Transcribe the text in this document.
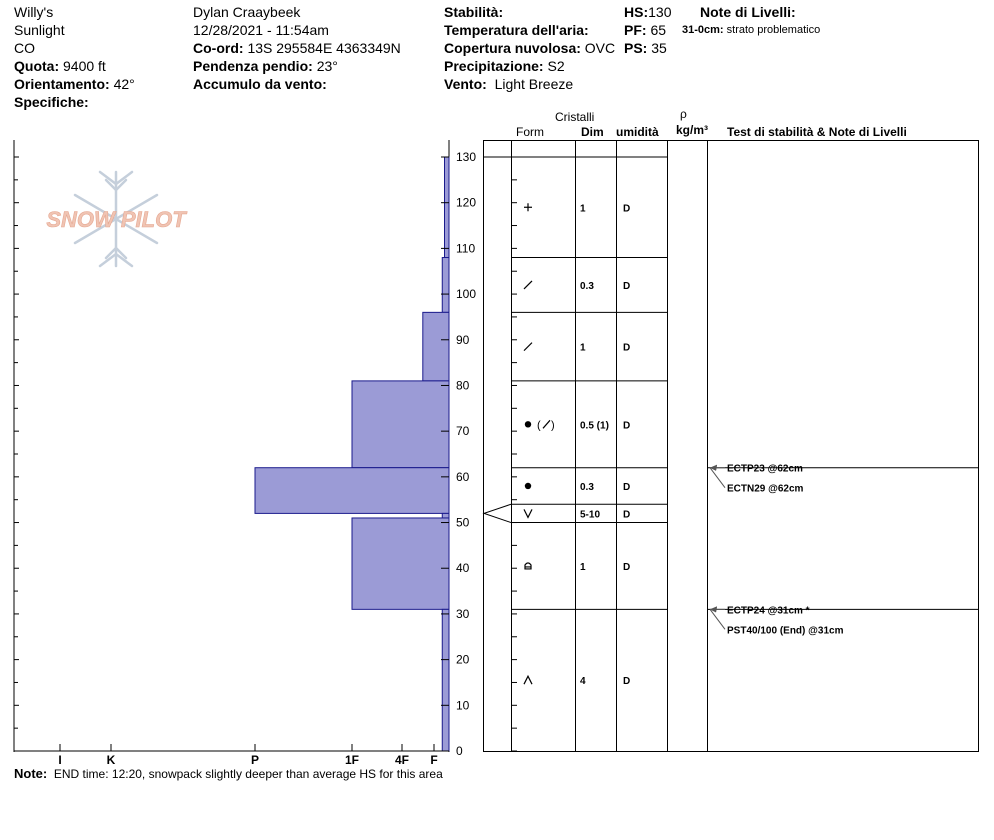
Willy's
Sunlight
CO
Quota: 9400 ft
Orientamento: 42°
Specifiche:
Dylan Craaybeek
12/28/2021 - 11:54am
Co-ord: 13S 295584E 4363349N
Pendenza pendio: 23°
Accumulo da vento:
Stabilità:
Temperatura dell'aria:
Copertura nuvolosa: OVC
Precipitazione: S2
Vento: Light Breeze
HS:130
PF: 65
PS: 35
Note di Livelli:
31-0cm: strato problematico
Cristalli
Form	Dim umidità
ρ
kg/m³ Test di stabilità & Note di Livelli
SNOW PILOT
0
10
20
30
40
50
60
70
80
90
100
110
120
130
F
4F
1F
P
K
I
1	D
0.3	D
1	D
( )	0.5 (1) D
0.3	D
5-10 D
1	D
4	D
ECTP24 @31cm *
PST40/100 (End) @31cm
ECTP23 @62cm
ECTN29 @62cm
Note: END time: 12:20, snowpack slightly deeper than average HS for this area
